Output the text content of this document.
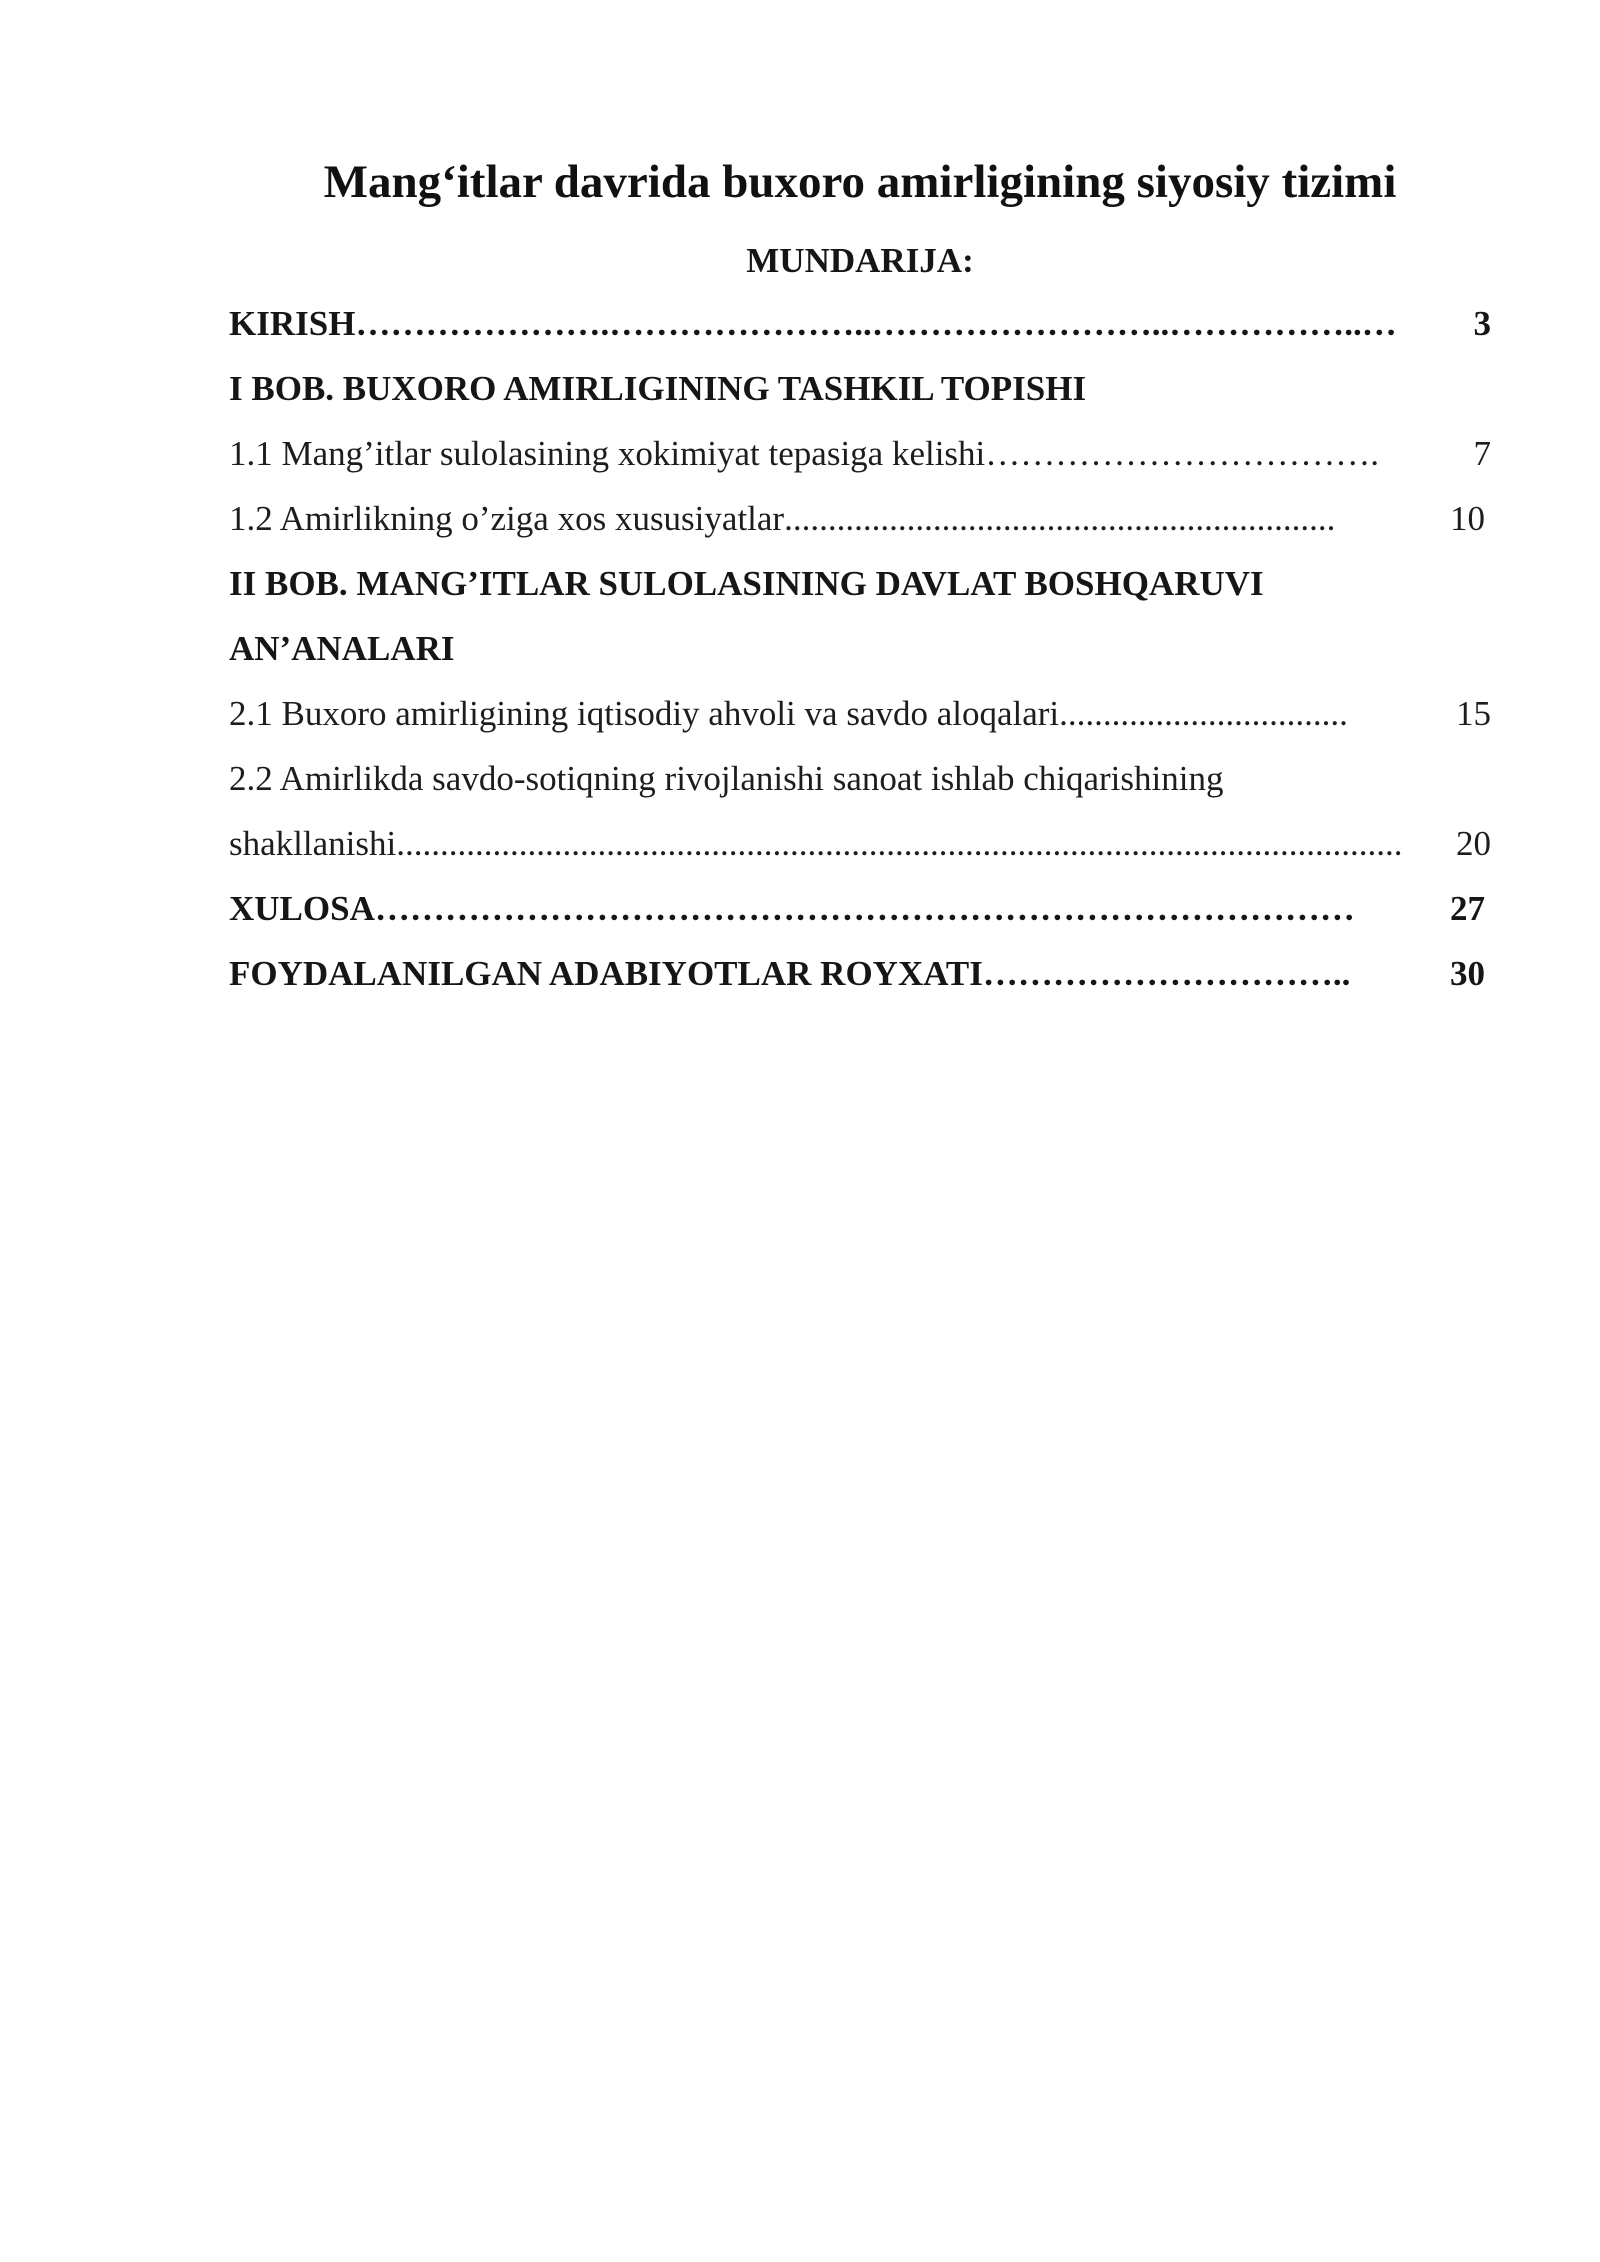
Mang‘itlar davrida buxoro amirligining siyosiy tizimi
MUNDARIJA:
KIRISH ………………….…………………..……………………..……………..…	3
I BOB. BUXORO AMIRLIGINING TASHKIL TOPISHI
1.1 Mang’itlar sulolasining xokimiyat tepasiga kelishi …………………………….	7
1.2 Amirlikning o’ziga xos xususiyatlar ...............................................................	10
II BOB. MANG’ITLAR SULOLASINING DAVLAT BOSHQARUVI
AN’ANALARI
2.1 Buxoro amirligining iqtisodiy ahvoli va savdo aloqalari .................................	15
2.2 Amirlikda savdo-sotiqning rivojlanishi sanoat ishlab chiqarishining
shakllanishi ...................................................................................................................	20
XULOSA …………………………………………………………………………	27
FOYDALANILGAN ADABIYOTLAR ROYXATI …………………………..	30
